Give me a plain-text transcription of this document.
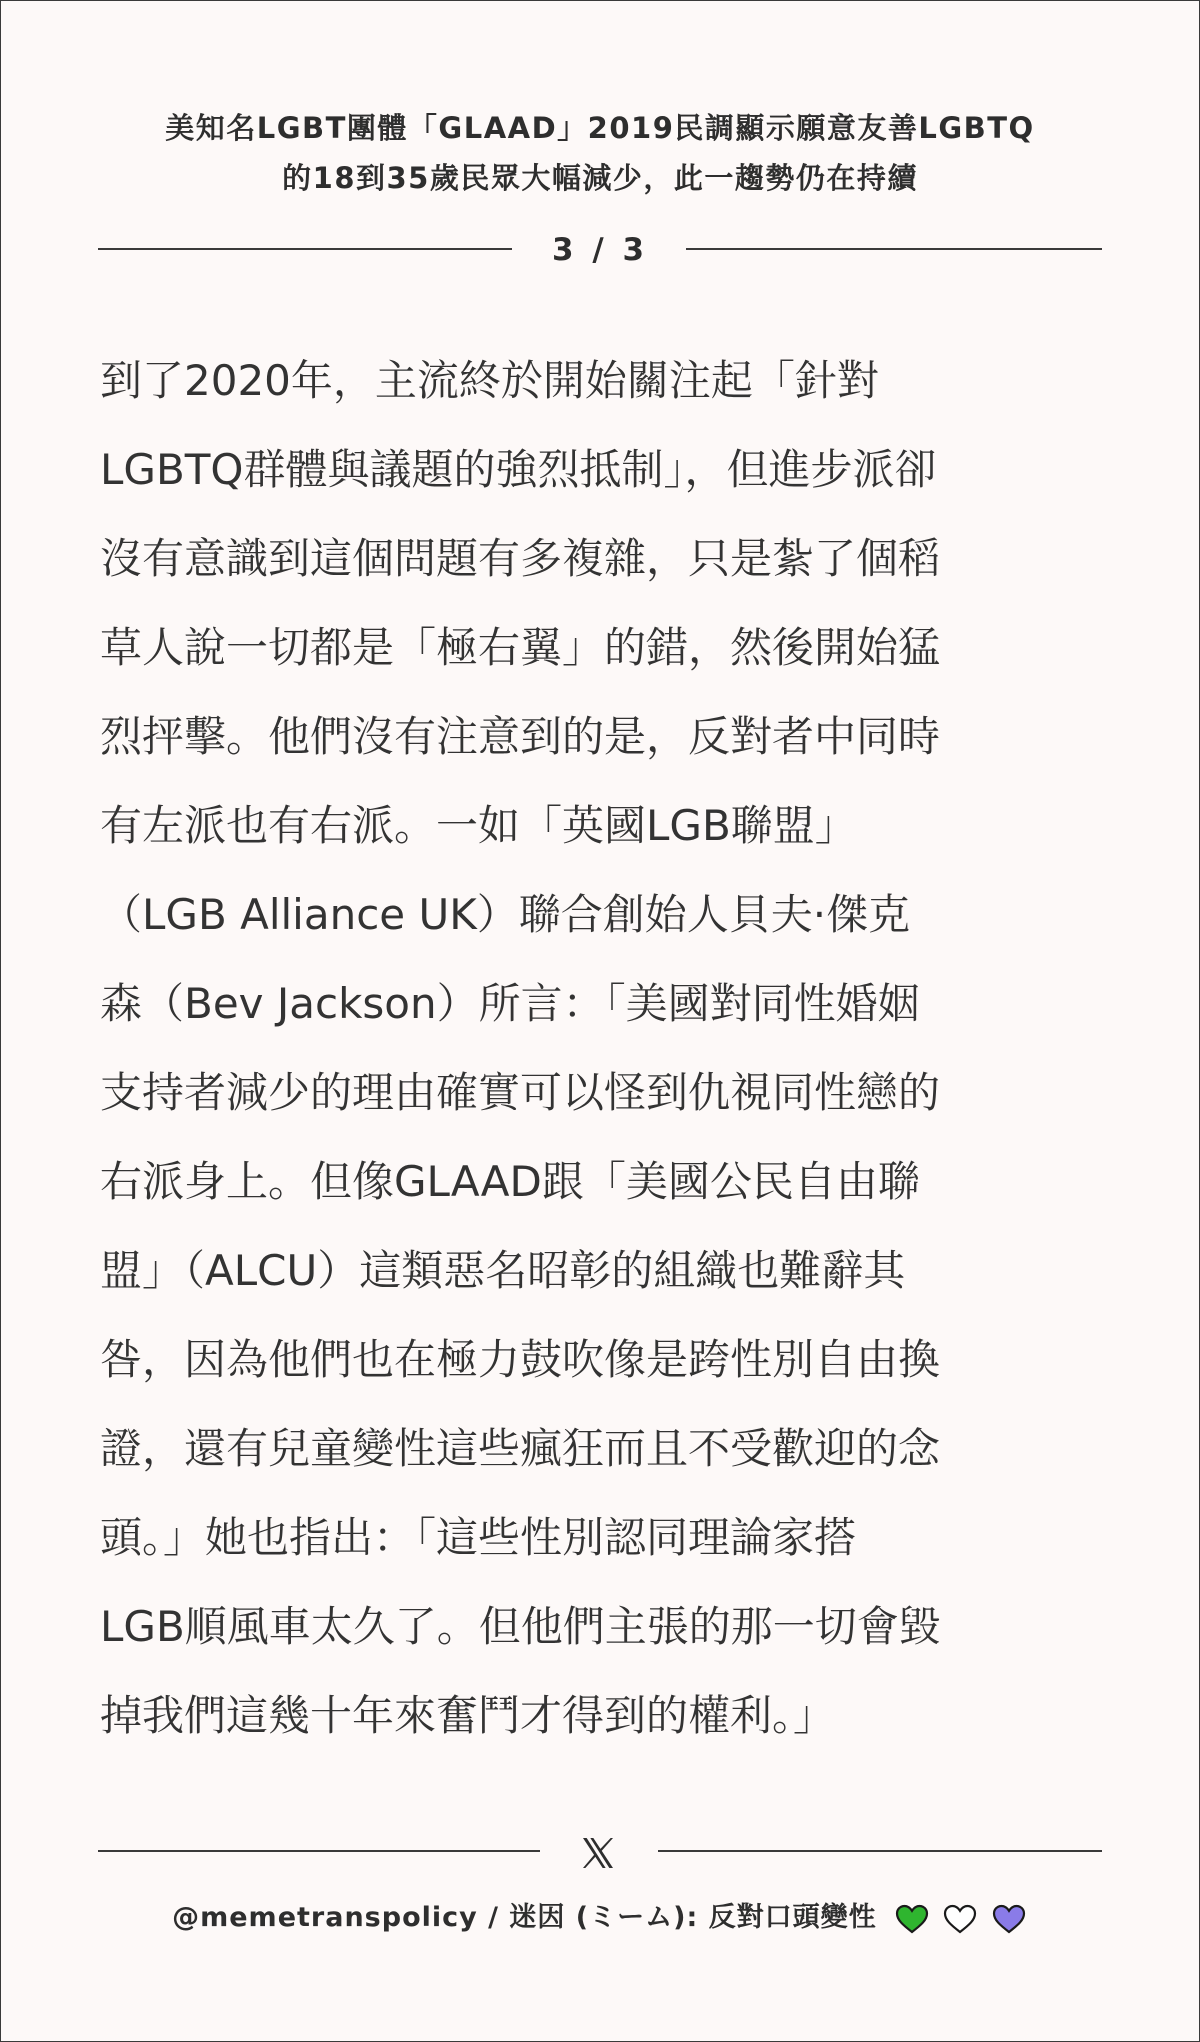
美知名LGBT團體「GLAAD」2019民調顯示願意友善LGBTQ
的18到35歲民眾大幅減少，此一趨勢仍在持續
3 / 3
到了2020年，主流終於開始關注起「針對
LGBTQ群體與議題的強烈抵制」，但進步派卻
沒有意識到這個問題有多複雜，只是紮了個稻
草人說一切都是「極右翼」的錯，然後開始猛
烈抨擊。他們沒有注意到的是，反對者中同時
有左派也有右派。一如「英國LGB聯盟」
（LGB Alliance UK）聯合創始人貝夫·傑克
森（Bev Jackson）所言：「美國對同性婚姻
支持者減少的理由確實可以怪到仇視同性戀的
右派身上。但像GLAAD跟「美國公民自由聯
盟」（ALCU）這類惡名昭彰的組織也難辭其
咎，因為他們也在極力鼓吹像是跨性別自由換
證，還有兒童變性這些瘋狂而且不受歡迎的念
頭。」她也指出：「這些性別認同理論家搭
LGB順風車太久了。但他們主張的那一切會毀
掉我們這幾十年來奮鬥才得到的權利。」
@memetranspolicy / 迷因 (ミーム): 反對口頭變性
